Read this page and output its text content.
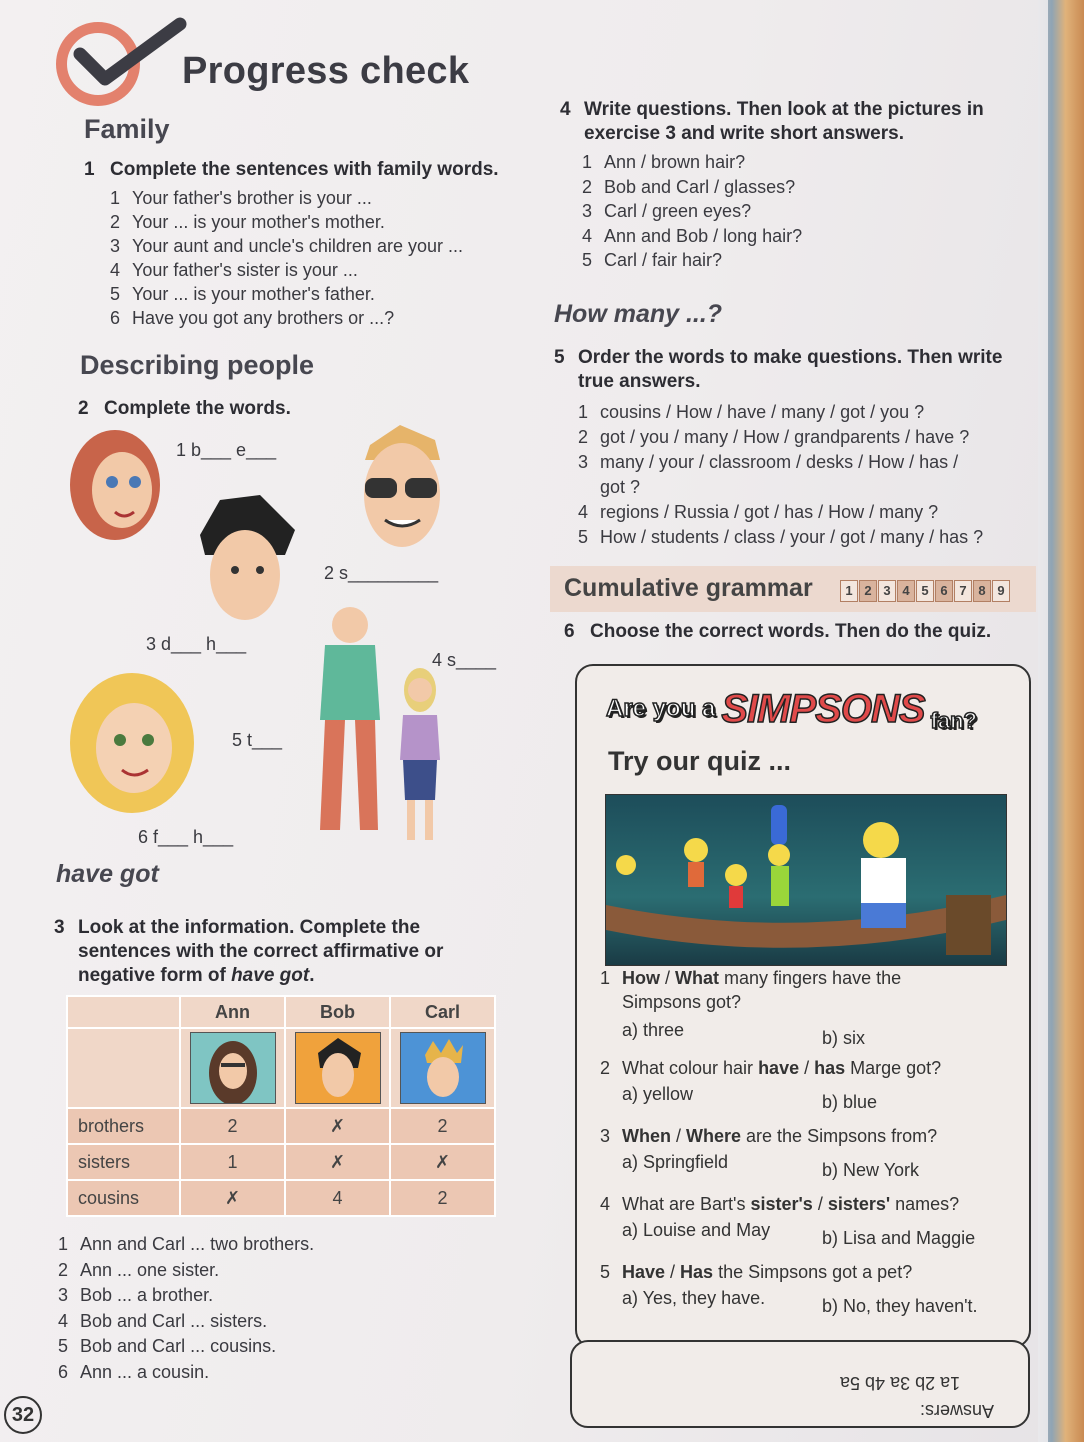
Progress check
Family
1 Complete the sentences with family words.
1 Your father's brother is your ...
2 Your ... is your mother's mother.
3 Your aunt and uncle's children are your ...
4 Your father's sister is your ...
5 Your ... is your mother's father.
6 Have you got any brothers or ...?
Describing people
2 Complete the words.
1 b___ e___
2 s_________
3 d___ h___
4 s____
5 t___
6 f___ h___
have got
3 Look at the information. Complete the
sentences with the correct affirmative or
negative form of have got.
	Ann	Bob	Carl

brothers	2	✗	2
sisters	1	✗	✗
cousins	✗	4	2
1 Ann and Carl ... two brothers.
2 Ann ... one sister.
3 Bob ... a brother.
4 Bob and Carl ... sisters.
5 Bob and Carl ... cousins.
6 Ann ... a cousin.
4 Write questions. Then look at the pictures in
exercise 3 and write short answers.
1 Ann / brown hair?
2 Bob and Carl / glasses?
3 Carl / green eyes?
4 Ann and Bob / long hair?
5 Carl / fair hair?
How many ...?
5 Order the words to make questions. Then write
true answers.
1 cousins / How / have / many / got / you ?
2 got / you / many / How / grandparents / have ?
3 many / your / classroom / desks / How / has /
got ?
4 regions / Russia / got / has / How / many ?
5 How / students / class / your / got / many / has ?
Cumulative grammar	1 2 3 4 5 6 7 8 9
6 Choose the correct words. Then do the quiz.
Are you a SIMPSONS fan?
Try our quiz ...
1 How / What many fingers have the
Simpsons got?
a) three	b) six
2 What colour hair have / has Marge got?
a) yellow	b) blue
3 When / Where are the Simpsons from?
a) Springfield	b) New York
4 What are Bart's sister's / sisters' names?
a) Louise and May	b) Lisa and Maggie
5 Have / Has the Simpsons got a pet?
a) Yes, they have.	b) No, they haven't.
1a 2b 3a 4b 5a
Answers:
32
